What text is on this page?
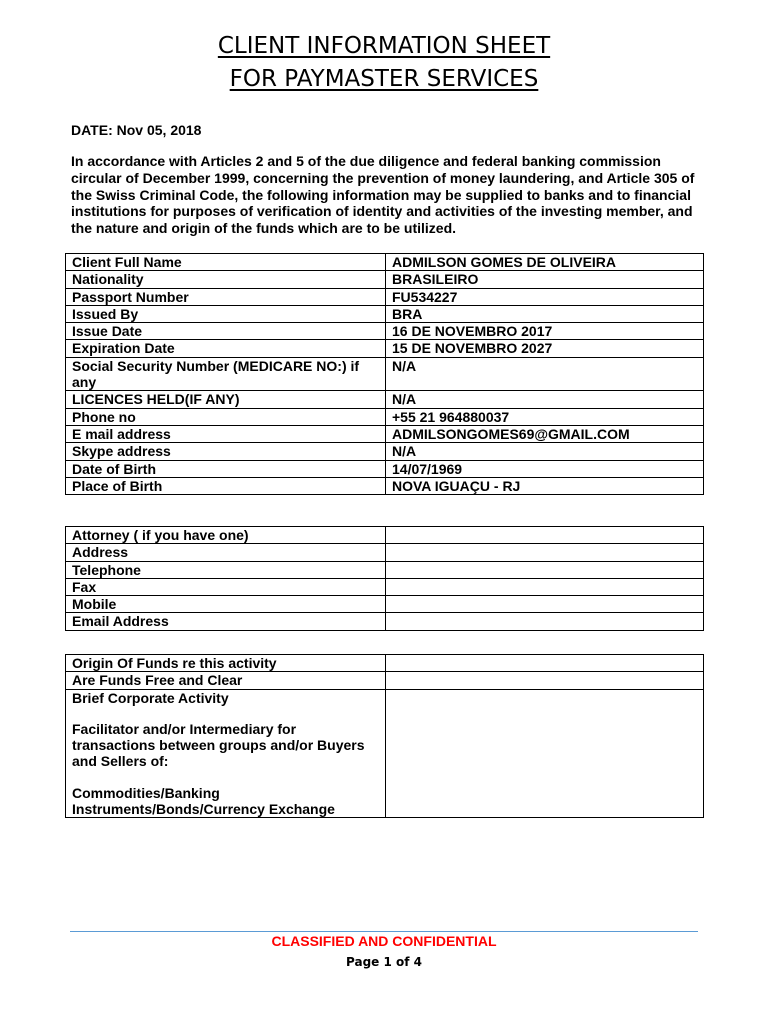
CLIENT INFORMATION SHEET
FOR PAYMASTER SERVICES
DATE: Nov 05, 2018
In accordance with Articles 2 and 5 of the due diligence and federal banking commission circular of December 1999, concerning the prevention of money laundering, and Article 305 of the Swiss Criminal Code, the following information may be supplied to banks and to financial institutions for purposes of verification of identity and activities of the investing member, and the nature and origin of the funds which are to be utilized.
Client Full Name	ADMILSON GOMES DE OLIVEIRA
Nationality	BRASILEIRO
Passport Number	FU534227
Issued By	BRA
Issue Date	16 DE NOVEMBRO 2017
Expiration Date	15 DE NOVEMBRO 2027
Social Security Number (MEDICARE NO:) if any	N/A
LICENCES HELD(IF ANY)	N/A
Phone no	+55 21 964880037
E mail address	ADMILSONGOMES69@GMAIL.COM
Skype address	N/A
Date of Birth	14/07/1969
Place of Birth	NOVA IGUAÇU - RJ
Attorney ( if you have one)	
Address	
Telephone	
Fax	
Mobile	
Email Address	
Origin Of Funds re this activity	
Are Funds Free and Clear	

Brief Corporate Activity

Facilitator and/or Intermediary for transactions between groups and/or Buyers and Sellers of:

Commodities/Banking Instruments/Bonds/Currency Exchange	

CLASSIFIED AND CONFIDENTIAL
Page 1 of 4
